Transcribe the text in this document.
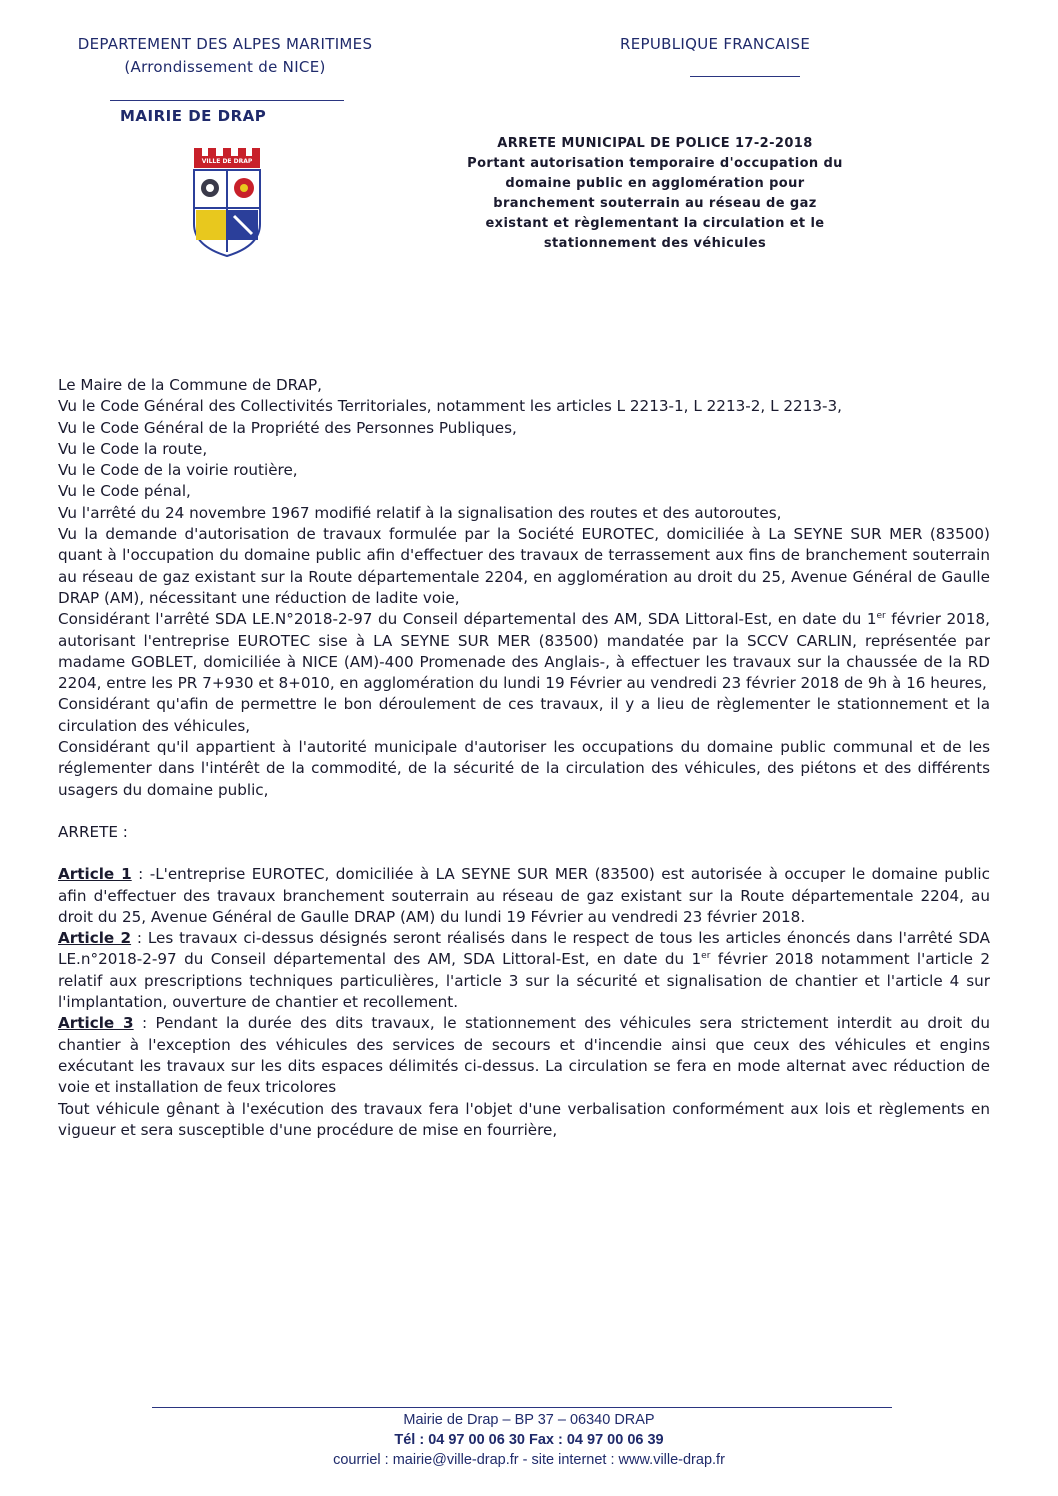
DEPARTEMENT DES ALPES MARITIMES
(Arrondissement de NICE)
REPUBLIQUE FRANCAISE
MAIRIE DE DRAP
VILLE DE DRAP
ARRETE MUNICIPAL DE POLICE 17-2-2018
Portant autorisation temporaire d'occupation du
domaine public en agglomération pour
branchement souterrain au réseau de gaz
existant et règlementant la circulation et le
stationnement des véhicules

Le Maire de la Commune de DRAP,

Vu le Code Général des Collectivités Territoriales, notamment les articles L 2213-1, L 2213-2, L 2213-3,

Vu le Code Général de la Propriété des Personnes Publiques,

Vu le Code la route,

Vu le Code de la voirie routière,

Vu le Code pénal,

Vu l'arrêté du 24 novembre 1967 modifié relatif à la signalisation des routes et des autoroutes,

Vu la demande d'autorisation de travaux formulée par la Société EUROTEC, domiciliée à La SEYNE SUR MER (83500) quant à l'occupation du domaine public afin d'effectuer des travaux de terrassement aux fins de branchement souterrain au réseau de gaz existant sur la Route départementale 2204, en agglomération au droit du 25, Avenue Général de Gaulle DRAP (AM), nécessitant une réduction de ladite voie,

Considérant l'arrêté SDA LE.N°2018-2-97 du Conseil départemental des AM, SDA Littoral-Est, en date du 1er février 2018, autorisant l'entreprise EUROTEC sise à LA SEYNE SUR MER (83500) mandatée par la SCCV CARLIN, représentée par madame GOBLET, domiciliée à NICE (AM)-400 Promenade des Anglais-, à effectuer les travaux sur la chaussée de la RD 2204, entre les PR 7+930 et 8+010, en agglomération du lundi 19 Février au vendredi 23 février 2018 de 9h à 16 heures,

Considérant qu'afin de permettre le bon déroulement de ces travaux, il y a lieu de règlementer le stationnement et la circulation des véhicules,

Considérant qu'il appartient à l'autorité municipale d'autoriser les occupations du domaine public communal et de les réglementer dans l'intérêt de la commodité, de la sécurité de la circulation des véhicules, des piétons et des différents usagers du domaine public,

ARRETE :

Article 1 : -L'entreprise EUROTEC, domiciliée à LA SEYNE SUR MER (83500) est autorisée à occuper le domaine public afin d'effectuer des travaux branchement souterrain au réseau de gaz existant sur la Route départementale 2204, au droit du 25, Avenue Général de Gaulle DRAP (AM) du lundi 19 Février au vendredi 23 février 2018.

Article 2 : Les travaux ci-dessus désignés seront réalisés dans le respect de tous les articles énoncés dans l'arrêté SDA LE.n°2018-2-97 du Conseil départemental des AM, SDA Littoral-Est, en date du 1er février 2018 notamment l'article 2 relatif aux prescriptions techniques particulières, l'article 3 sur la sécurité et signalisation de chantier et l'article 4 sur l'implantation, ouverture de chantier et recollement.

Article 3 : Pendant la durée des dits travaux, le stationnement des véhicules sera strictement interdit au droit du chantier à l'exception des véhicules des services de secours et d'incendie ainsi que ceux des véhicules et engins exécutant les travaux sur les dits espaces délimités ci-dessus. La circulation se fera en mode alternat avec réduction de voie et installation de feux tricolores

Tout véhicule gênant à l'exécution des travaux fera l'objet d'une verbalisation conformément aux lois et règlements en vigueur et sera susceptible d'une procédure de mise en fourrière,

Mairie de Drap – BP 37 – 06340 DRAP
Tél : 04 97 00 06 30 Fax : 04 97 00 06 39
courriel : mairie@ville-drap.fr - site internet : www.ville-drap.fr
